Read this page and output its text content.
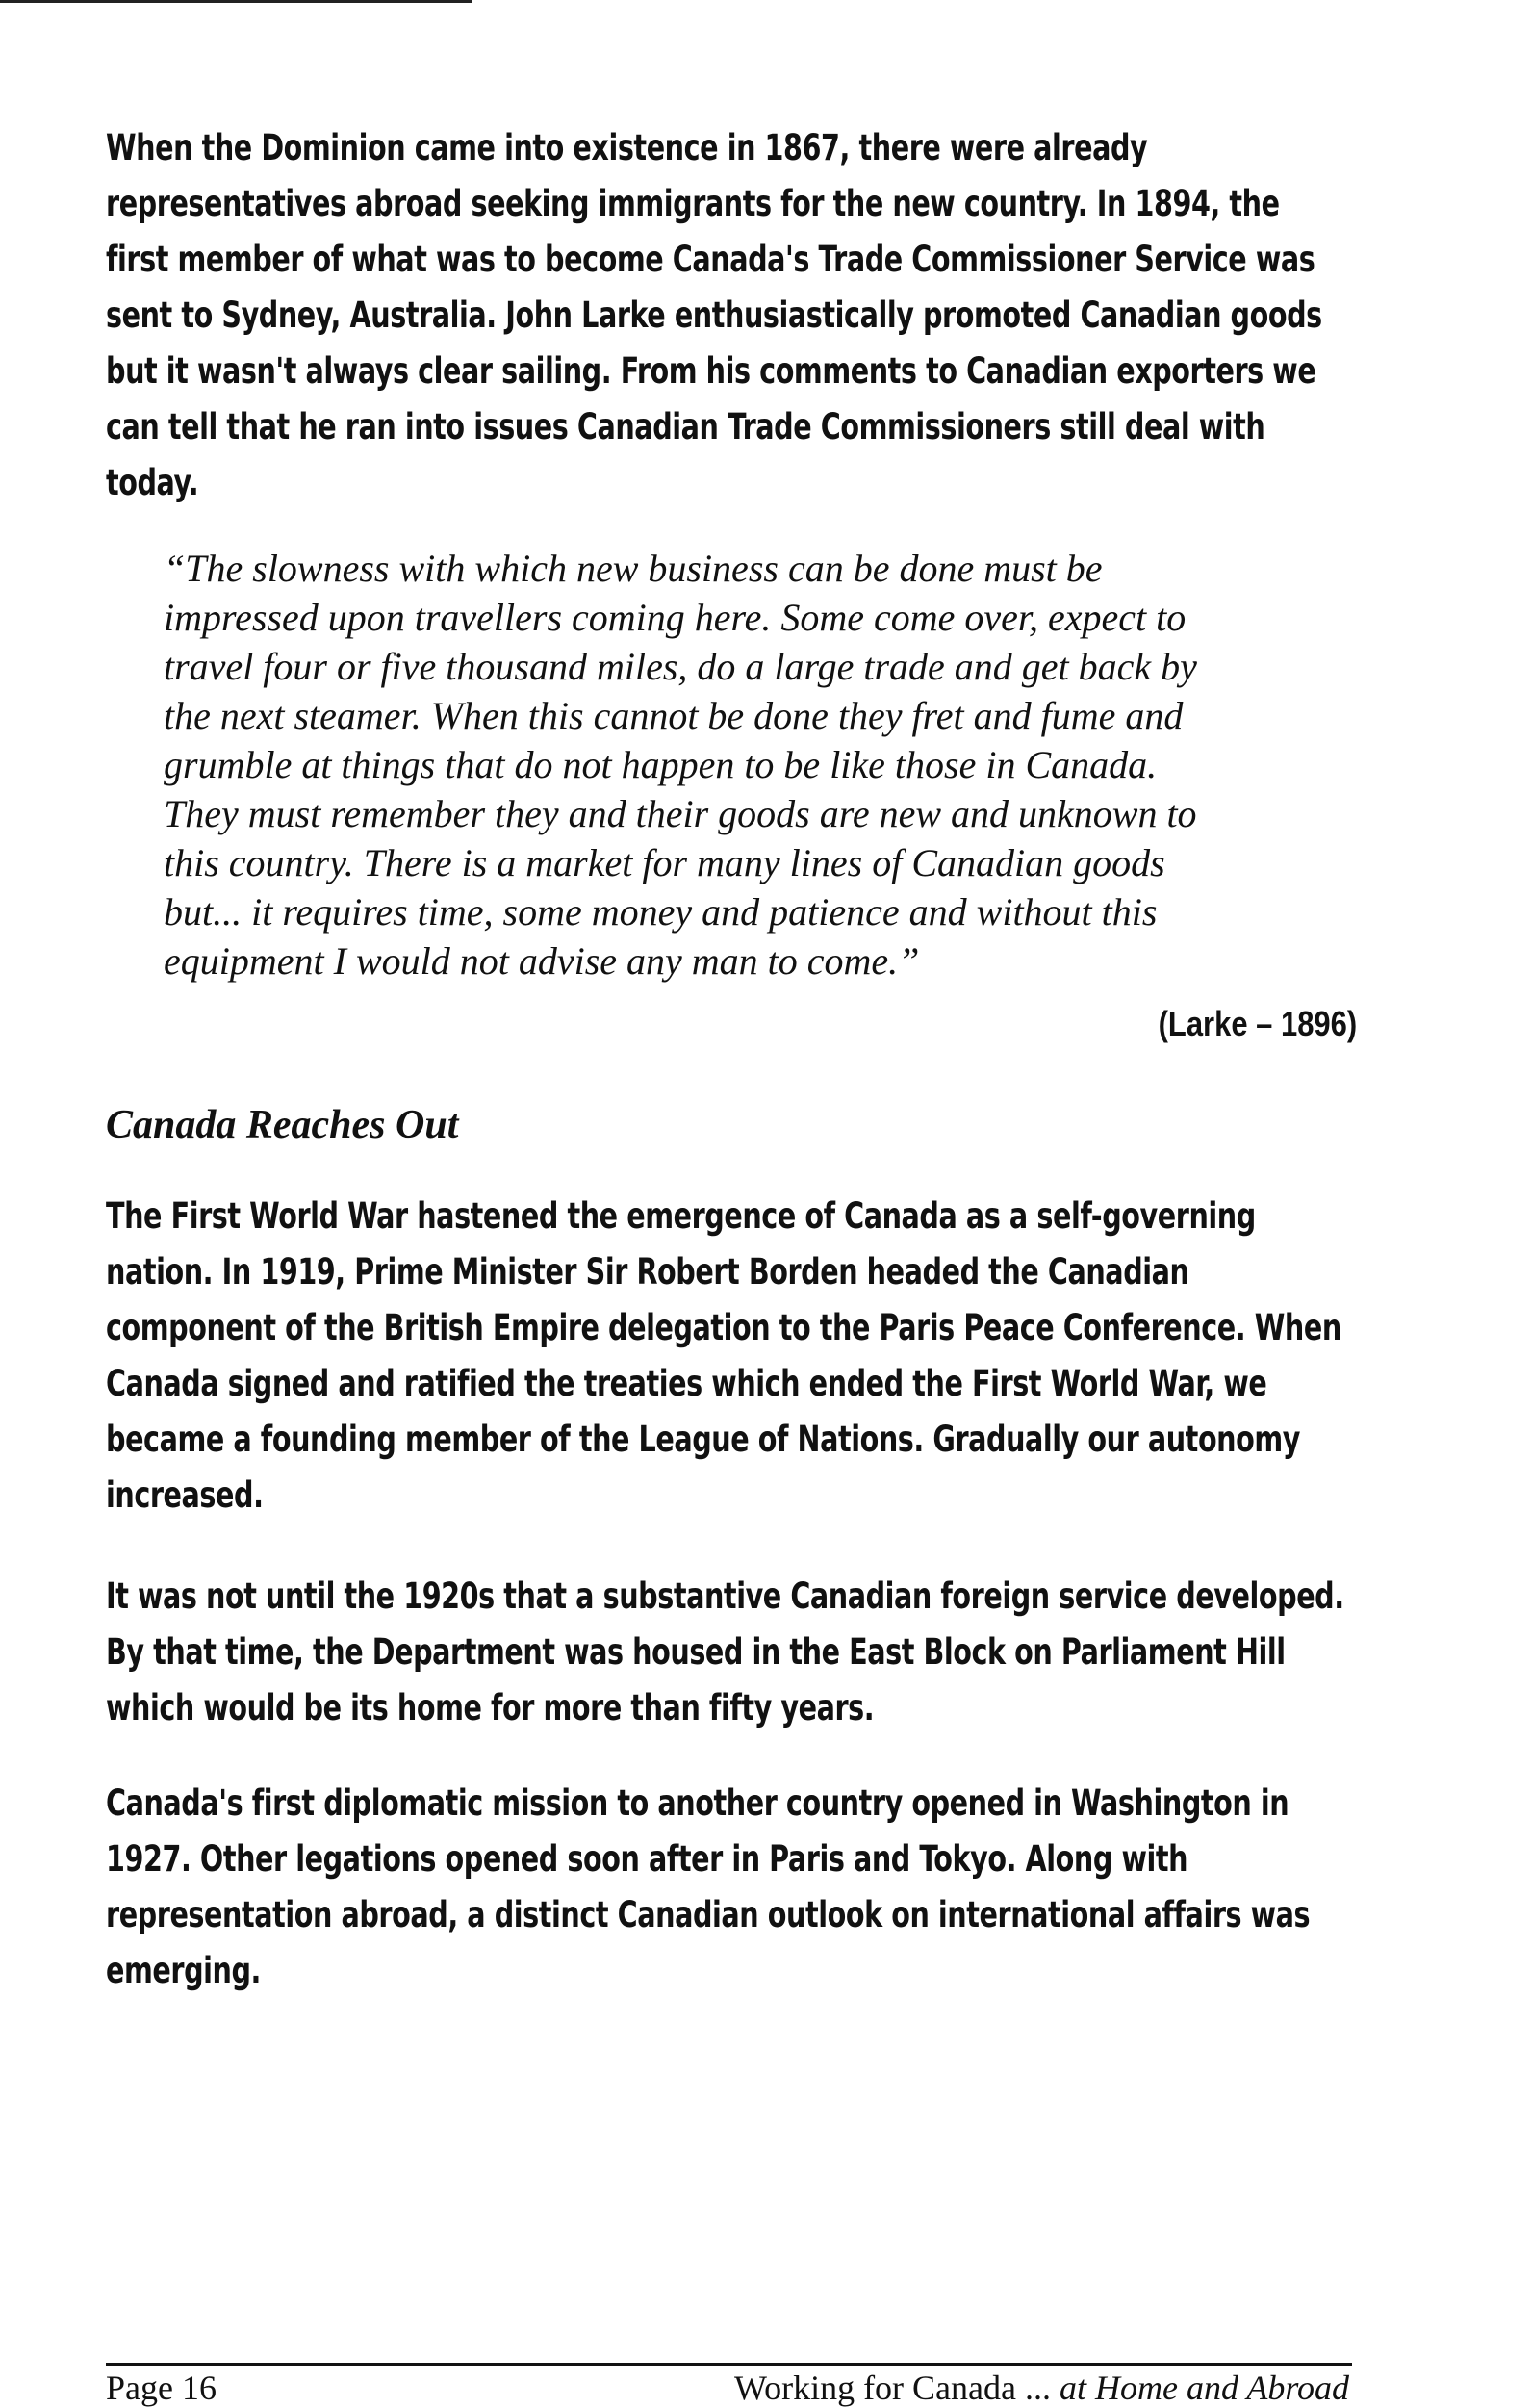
When the Dominion came into existence in 1867, there were already
representatives abroad seeking immigrants for the new country. In 1894, the
first member of what was to become Canada's Trade Commissioner Service was
sent to Sydney, Australia. John Larke enthusiastically promoted Canadian goods
but it wasn't always clear sailing. From his comments to Canadian exporters we
can tell that he ran into issues Canadian Trade Commissioners still deal with
today.

“The slowness with which new business can be done must be
impressed upon travellers coming here. Some come over, expect to
travel four or five thousand miles, do a large trade and get back by
the next steamer. When this cannot be done they fret and fume and
grumble at things that do not happen to be like those in Canada.
They must remember they and their goods are new and unknown to
this country. There is a market for many lines of Canadian goods
but... it requires time, some money and patience and without this
equipment I would not advise any man to come.”

(Larke – 1896)
Canada Reaches Out

The First World War hastened the emergence of Canada as a self-governing
nation. In 1919, Prime Minister Sir Robert Borden headed the Canadian
component of the British Empire delegation to the Paris Peace Conference. When
Canada signed and ratified the treaties which ended the First World War, we
became a founding member of the League of Nations. Gradually our autonomy
increased.

It was not until the 1920s that a substantive Canadian foreign service developed.
By that time, the Department was housed in the East Block on Parliament Hill
which would be its home for more than fifty years.

Canada's first diplomatic mission to another country opened in Washington in
1927. Other legations opened soon after in Paris and Tokyo. Along with
representation abroad, a distinct Canadian outlook on international affairs was
emerging.

Page 16	Working for Canada ... at Home and Abroad
